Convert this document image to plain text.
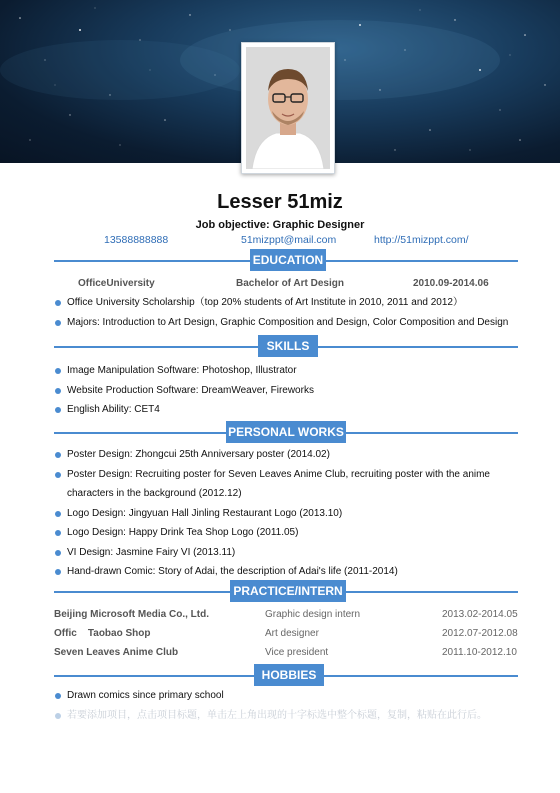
Lesser 51miz
Job objective: Graphic Designer
13588888888	51mizppt@mail.com	http://51mizppt.com/
EDUCATION
OfficeUniversity	Bachelor of Art Design	2010.09-2014.06
Office University Scholarship（top 20% students of Art Institute in 2010, 2011 and 2012）
Majors: Introduction to Art Design, Graphic Composition and Design, Color Composition and Design
SKILLS
Image Manipulation Software: Photoshop, Illustrator
Website Production Software: DreamWeaver, Fireworks
English Ability: CET4
PERSONAL WORKS
Poster Design: Zhongcui 25th Anniversary poster (2014.02)
Poster Design: Recruiting poster for Seven Leaves Anime Club, recruiting poster with the anime characters in the background (2012.12)
Logo Design: Jingyuan Hall Jinling Restaurant Logo (2013.10)
Logo Design: Happy Drink Tea Shop Logo (2011.05)
VI Design: Jasmine Fairy VI (2013.11)
Hand-drawn Comic: Story of Adai, the description of Adai's life (2011-2014)
PRACTICE/INTERN
Beijing Microsoft Media Co., Ltd.	Graphic design intern	2013.02-2014.05
Offic    Taobao Shop	Art designer	2012.07-2012.08
Seven Leaves Anime Club	Vice president	2011.10-2012.10
HOBBIES
Drawn comics since primary school
若要添加项目，点击项目标题，单击左上角出现的十字标选中整个标题，复制，粘贴在此行后。
